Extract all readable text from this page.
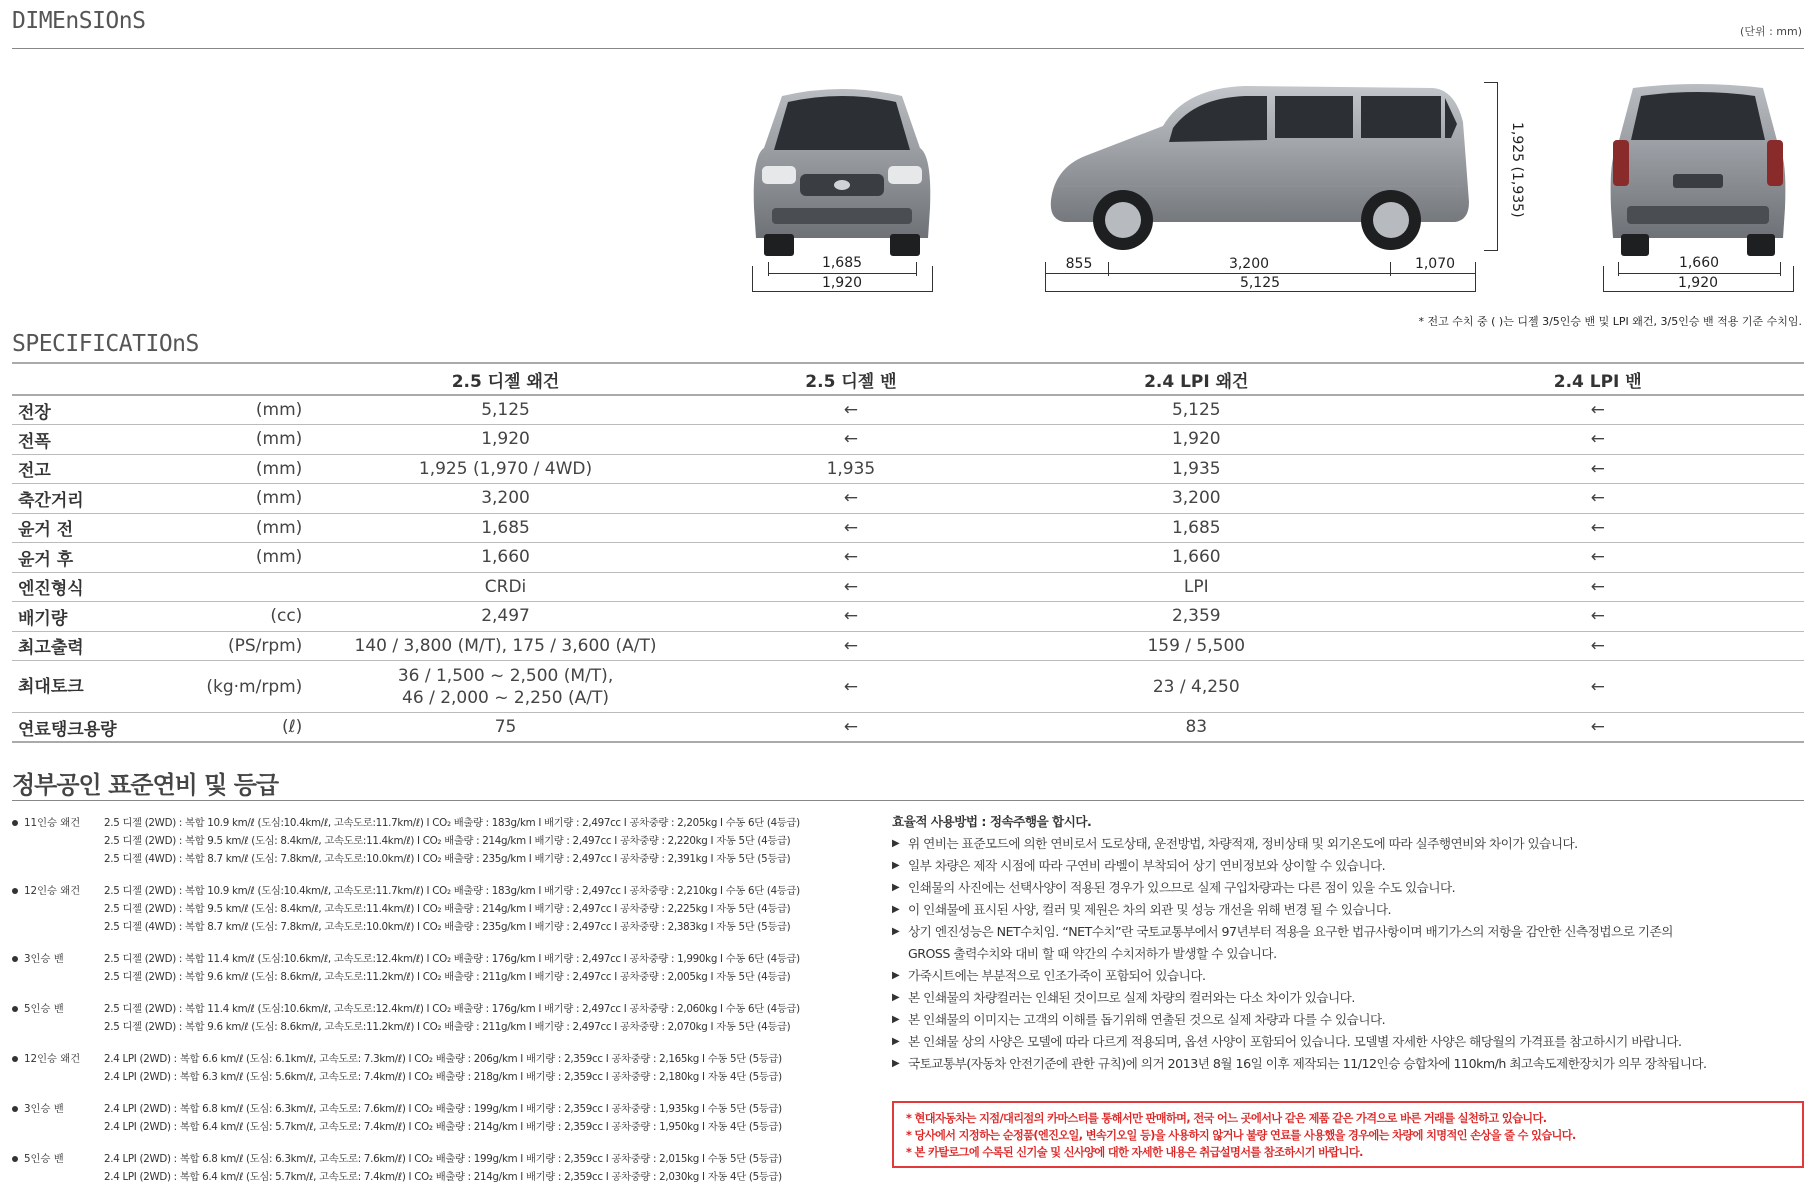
DIMEnSIOnS	(단위 : mm)
1,685
1,920
855	3,200	1,070
5,125
1,925 (1,935)
1,660
1,920
* 전고 수치 중 ( )는 디젤 3/5인승 밴 및 LPI 왜건, 3/5인승 밴 적용 기준 수치임.
SPECIFICATIOnS
		2.5 디젤 왜건	2.5 디젤 밴	2.4 LPI 왜건	2.4 LPI 밴
전장	(mm)	5,125	←	5,125	←
전폭	(mm)	1,920	←	1,920	←
전고	(mm)	1,925 (1,970 / 4WD)	1,935	1,935	←
축간거리	(mm)	3,200	←	3,200	←
윤거 전	(mm)	1,685	←	1,685	←
윤거 후	(mm)	1,660	←	1,660	←
엔진형식		CRDi	←	LPI	←
배기량	(cc)	2,497	←	2,359	←
최고출력	(PS/rpm)	140 / 3,800 (M/T), 175 / 3,600 (A/T)	←	159 / 5,500	←
최대토크	(kg·m/rpm)	36 / 1,500 ~ 2,500 (M/T),
46 / 2,000 ~ 2,250 (A/T)	←	23 / 4,250	←
연료탱크용량	(ℓ)	75	←	83	←
정부공인 표준연비 및 등급
11인승 왜건	2.5 디젤 (2WD) : 복합 10.9 km/ℓ (도심:10.4km/ℓ, 고속도로:11.7km/ℓ) I CO₂ 배출량 : 183g/km I 배기량 : 2,497cc I 공차중량 : 2,205kg I 수동 6단 (4등급)
2.5 디젤 (2WD) : 복합 9.5 km/ℓ (도심: 8.4km/ℓ, 고속도로:11.4km/ℓ) I CO₂ 배출량 : 214g/km I 배기량 : 2,497cc I 공차중량 : 2,220kg I 자동 5단 (4등급)
2.5 디젤 (4WD) : 복합 8.7 km/ℓ (도심: 7.8km/ℓ, 고속도로:10.0km/ℓ) I CO₂ 배출량 : 235g/km I 배기량 : 2,497cc I 공차중량 : 2,391kg I 자동 5단 (5등급)
12인승 왜건	2.5 디젤 (2WD) : 복합 10.9 km/ℓ (도심:10.4km/ℓ, 고속도로:11.7km/ℓ) I CO₂ 배출량 : 183g/km I 배기량 : 2,497cc I 공차중량 : 2,210kg I 수동 6단 (4등급)
2.5 디젤 (2WD) : 복합 9.5 km/ℓ (도심: 8.4km/ℓ, 고속도로:11.4km/ℓ) I CO₂ 배출량 : 214g/km I 배기량 : 2,497cc I 공차중량 : 2,225kg I 자동 5단 (4등급)
2.5 디젤 (4WD) : 복합 8.7 km/ℓ (도심: 7.8km/ℓ, 고속도로:10.0km/ℓ) I CO₂ 배출량 : 235g/km I 배기량 : 2,497cc I 공차중량 : 2,383kg I 자동 5단 (5등급)
3인승 밴	2.5 디젤 (2WD) : 복합 11.4 km/ℓ (도심:10.6km/ℓ, 고속도로:12.4km/ℓ) I CO₂ 배출량 : 176g/km I 배기량 : 2,497cc I 공차중량 : 1,990kg I 수동 6단 (4등급)
2.5 디젤 (2WD) : 복합 9.6 km/ℓ (도심: 8.6km/ℓ, 고속도로:11.2km/ℓ) I CO₂ 배출량 : 211g/km I 배기량 : 2,497cc I 공차중량 : 2,005kg I 자동 5단 (4등급)
5인승 밴	2.5 디젤 (2WD) : 복합 11.4 km/ℓ (도심:10.6km/ℓ, 고속도로:12.4km/ℓ) I CO₂ 배출량 : 176g/km I 배기량 : 2,497cc I 공차중량 : 2,060kg I 수동 6단 (4등급)
2.5 디젤 (2WD) : 복합 9.6 km/ℓ (도심: 8.6km/ℓ, 고속도로:11.2km/ℓ) I CO₂ 배출량 : 211g/km I 배기량 : 2,497cc I 공차중량 : 2,070kg I 자동 5단 (4등급)
12인승 왜건	2.4 LPI (2WD) : 복합 6.6 km/ℓ (도심: 6.1km/ℓ, 고속도로: 7.3km/ℓ) I CO₂ 배출량 : 206g/km I 배기량 : 2,359cc I 공차중량 : 2,165kg I 수동 5단 (5등급)
2.4 LPI (2WD) : 복합 6.3 km/ℓ (도심: 5.6km/ℓ, 고속도로: 7.4km/ℓ) I CO₂ 배출량 : 218g/km I 배기량 : 2,359cc I 공차중량 : 2,180kg I 자동 4단 (5등급)
3인승 밴	2.4 LPI (2WD) : 복합 6.8 km/ℓ (도심: 6.3km/ℓ, 고속도로: 7.6km/ℓ) I CO₂ 배출량 : 199g/km I 배기량 : 2,359cc I 공차중량 : 1,935kg I 수동 5단 (5등급)
2.4 LPI (2WD) : 복합 6.4 km/ℓ (도심: 5.7km/ℓ, 고속도로: 7.4km/ℓ) I CO₂ 배출량 : 214g/km I 배기량 : 2,359cc I 공차중량 : 1,950kg I 자동 4단 (5등급)
5인승 밴	2.4 LPI (2WD) : 복합 6.8 km/ℓ (도심: 6.3km/ℓ, 고속도로: 7.6km/ℓ) I CO₂ 배출량 : 199g/km I 배기량 : 2,359cc I 공차중량 : 2,015kg I 수동 5단 (5등급)
2.4 LPI (2WD) : 복합 6.4 km/ℓ (도심: 5.7km/ℓ, 고속도로: 7.4km/ℓ) I CO₂ 배출량 : 214g/km I 배기량 : 2,359cc I 공차중량 : 2,030kg I 자동 4단 (5등급)
효율적 사용방법 : 정속주행을 합시다.
▶ 위 연비는 표준모드에 의한 연비로서 도로상태, 운전방법, 차량적재, 정비상태 및 외기온도에 따라 실주행연비와 차이가 있습니다.
▶ 일부 차량은 제작 시점에 따라 구연비 라벨이 부착되어 상기 연비정보와 상이할 수 있습니다.
▶ 인쇄물의 사진에는 선택사양이 적용된 경우가 있으므로 실제 구입차량과는 다른 점이 있을 수도 있습니다.
▶ 이 인쇄물에 표시된 사양, 컬러 및 제원은 차의 외관 및 성능 개선을 위해 변경 될 수 있습니다.
▶ 상기 엔진성능은 NET수치임. “NET수치”란 국토교통부에서 97년부터 적용을 요구한 법규사항이며 배기가스의 저항을 감안한 신측정법으로 기존의 GROSS 출력수치와 대비 할 때 약간의 수치저하가 발생할 수 있습니다.
▶ 가죽시트에는 부분적으로 인조가죽이 포함되어 있습니다.
▶ 본 인쇄물의 차량컬러는 인쇄된 것이므로 실제 차량의 컬러와는 다소 차이가 있습니다.
▶ 본 인쇄물의 이미지는 고객의 이해를 돕기위해 연출된 것으로 실제 차량과 다를 수 있습니다.
▶ 본 인쇄물 상의 사양은 모델에 따라 다르게 적용되며, 옵션 사양이 포함되어 있습니다. 모델별 자세한 사양은 해당월의 가격표를 참고하시기 바랍니다.
▶ 국토교통부(자동차 안전기준에 관한 규칙)에 의거 2013년 8월 16일 이후 제작되는 11/12인승 승합차에 110km/h 최고속도제한장치가 의무 장착됩니다.

* 현대자동차는 지점/대리점의 카마스터를 통해서만 판매하며, 전국 어느 곳에서나 같은 제품 같은 가격으로 바른 거래를 실천하고 있습니다.

* 당사에서 지정하는 순정품(엔진오일, 변속기오일 등)을 사용하지 않거나 불량 연료를 사용했을 경우에는 차량에 치명적인 손상을 줄 수 있습니다.

* 본 카탈로그에 수록된 신기술 및 신사양에 대한 자세한 내용은 취급설명서를 참조하시기 바랍니다.
